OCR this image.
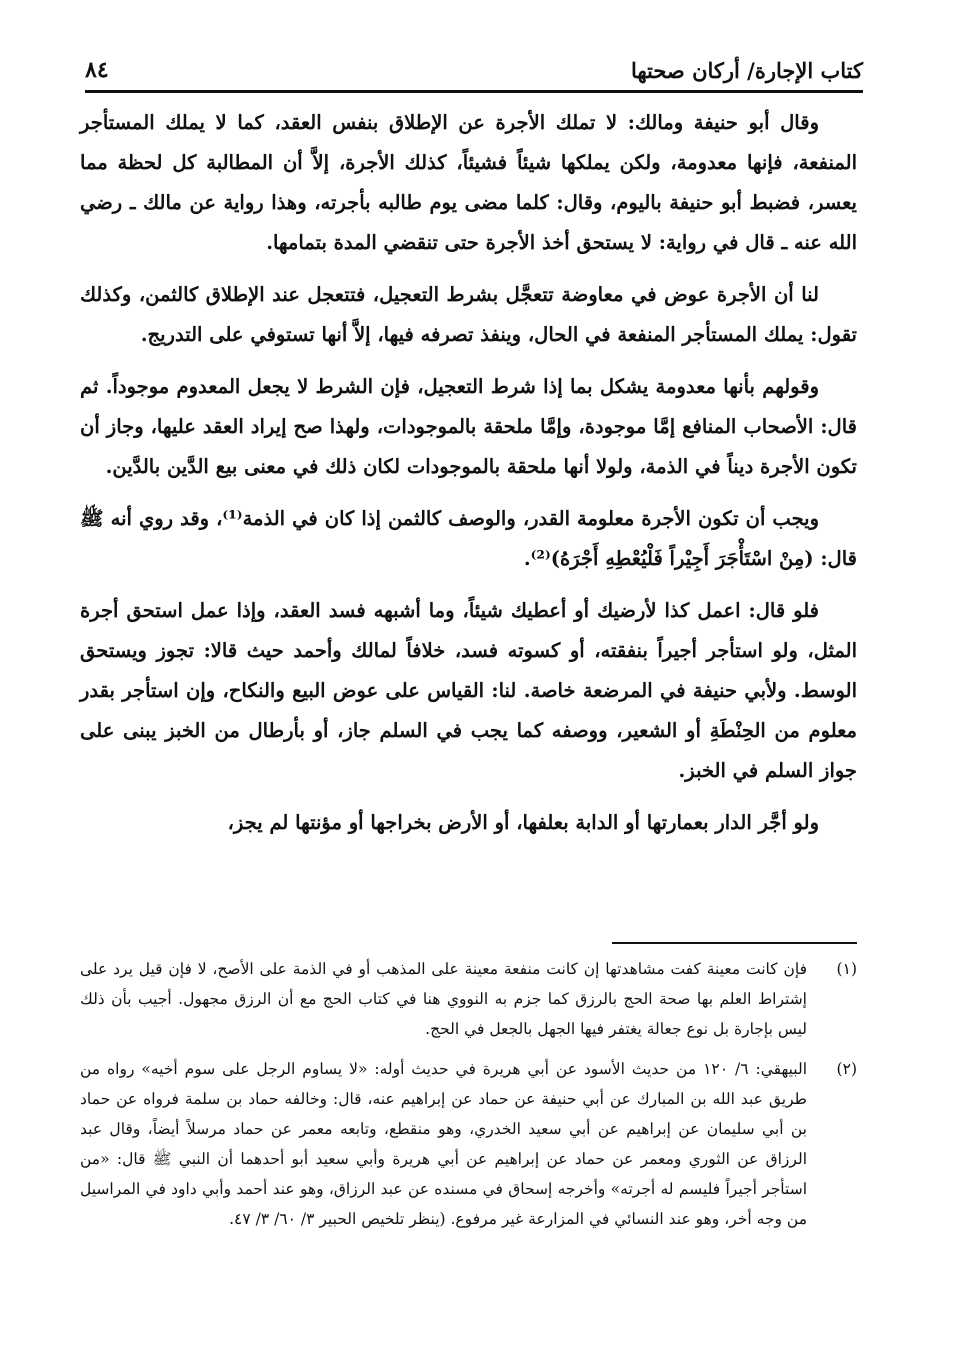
٨٤	كتاب الإجارة/ أركان صحتها

وقال أبو حنيفة ومالك: لا تملك الأجرة عن الإطلاق بنفس العقد، كما لا يملك المستأجر المنفعة، فإنها معدومة، ولكن يملكها شيئاً فشيئاً، كذلك الأجرة، إلاَّ أن المطالبة كل لحظة مما يعسر، فضبط أبو حنيفة باليوم، وقال: كلما مضى يوم طالبه بأجرته، وهذا رواية عن مالك ـ رضي الله عنه ـ قال في رواية: لا يستحق أخذ الأجرة حتى تنقضي المدة بتمامها.

لنا أن الأجرة عوض في معاوضة تتعجَّل بشرط التعجيل، فتتعجل عند الإطلاق كالثمن، وكذلك تقول: يملك المستأجر المنفعة في الحال، وينفذ تصرفه فيها، إلاَّ أنها تستوفي على التدريج.

وقولهم بأنها معدومة يشكل بما إذا شرط التعجيل، فإن الشرط لا يجعل المعدوم موجوداً. ثم قال: الأصحاب المنافع إمَّا موجودة، وإمَّا ملحقة بالموجودات، ولهذا صح إيراد العقد عليها، وجاز أن تكون الأجرة ديناً في الذمة، ولولا أنها ملحقة بالموجودات لكان ذلك في معنى بيع الدَّين بالدَّين.

ويجب أن تكون الأجرة معلومة القدر، والوصف كالثمن إذا كان في الذمة⁽¹⁾، وقد روي أنه ﷺ قال: (مِنْ اسْتَأْجَرَ أَجِيْراً فَلْيُعْطِهِ أَجْرَهُ)⁽²⁾.

فلو قال: اعمل كذا لأرضيك أو أعطيك شيئاً، وما أشبهه فسد العقد، وإذا عمل استحق أجرة المثل، ولو استأجر أجيراً بنفقته، أو كسوته فسد، خلافاً لمالك وأحمد حيث قالا: تجوز ويستحق الوسط. ولأبي حنيفة في المرضعة خاصة. لنا: القياس على عوض البيع والنكاح، وإن استأجر بقدر معلوم من الحِنْطَةِ أو الشعير، ووصفه كما يجب في السلم جاز، أو بأرطال من الخبز يبنى على جواز السلم في الخبز.

ولو أجَّر الدار بعمارتها أو الدابة بعلفها، أو الأرض بخراجها أو مؤنتها لم يجز،

(١)
فإن كانت معينة كفت مشاهدتها إن كانت منفعة معينة على المذهب أو في الذمة على الأصح، لا فإن قيل يرد على إشتراط العلم بها صحة الحج بالرزق كما جزم به النووي هنا في كتاب الحج مع أن الرزق مجهول. أجيب بأن ذلك ليس بإجارة بل نوع جعالة يغتفر فيها الجهل بالجعل في الحج.
(٢)
البيهقي: ٦/ ١٢٠ من حديث الأسود عن أبي هريرة في حديث أوله: «لا يساوم الرجل على سوم أخيه» رواه من طريق عبد الله بن المبارك عن أبي حنيفة عن حماد عن إبراهيم عنه، قال: وخالفه حماد بن سلمة فرواه عن حماد بن أبي سليمان عن إبراهيم عن أبي سعيد الخدري، وهو منقطع، وتابعه معمر عن حماد مرسلاً أيضاً، وقال عبد الرزاق عن الثوري ومعمر عن حماد عن إبراهيم عن أبي هريرة وأبي سعيد أبو أحدهما أن النبي ﷺ قال: «من استأجر أجيراً فليسم له أجرته» وأخرجه إسحاق في مسنده عن عبد الرزاق، وهو عند أحمد وأبي داود في المراسيل من وجه أخر، وهو عند النسائي في المزارعة غير مرفوع. (ينظر تلخيص الحبير ٣/ ٦٠/ ٣/ ٤٧.
